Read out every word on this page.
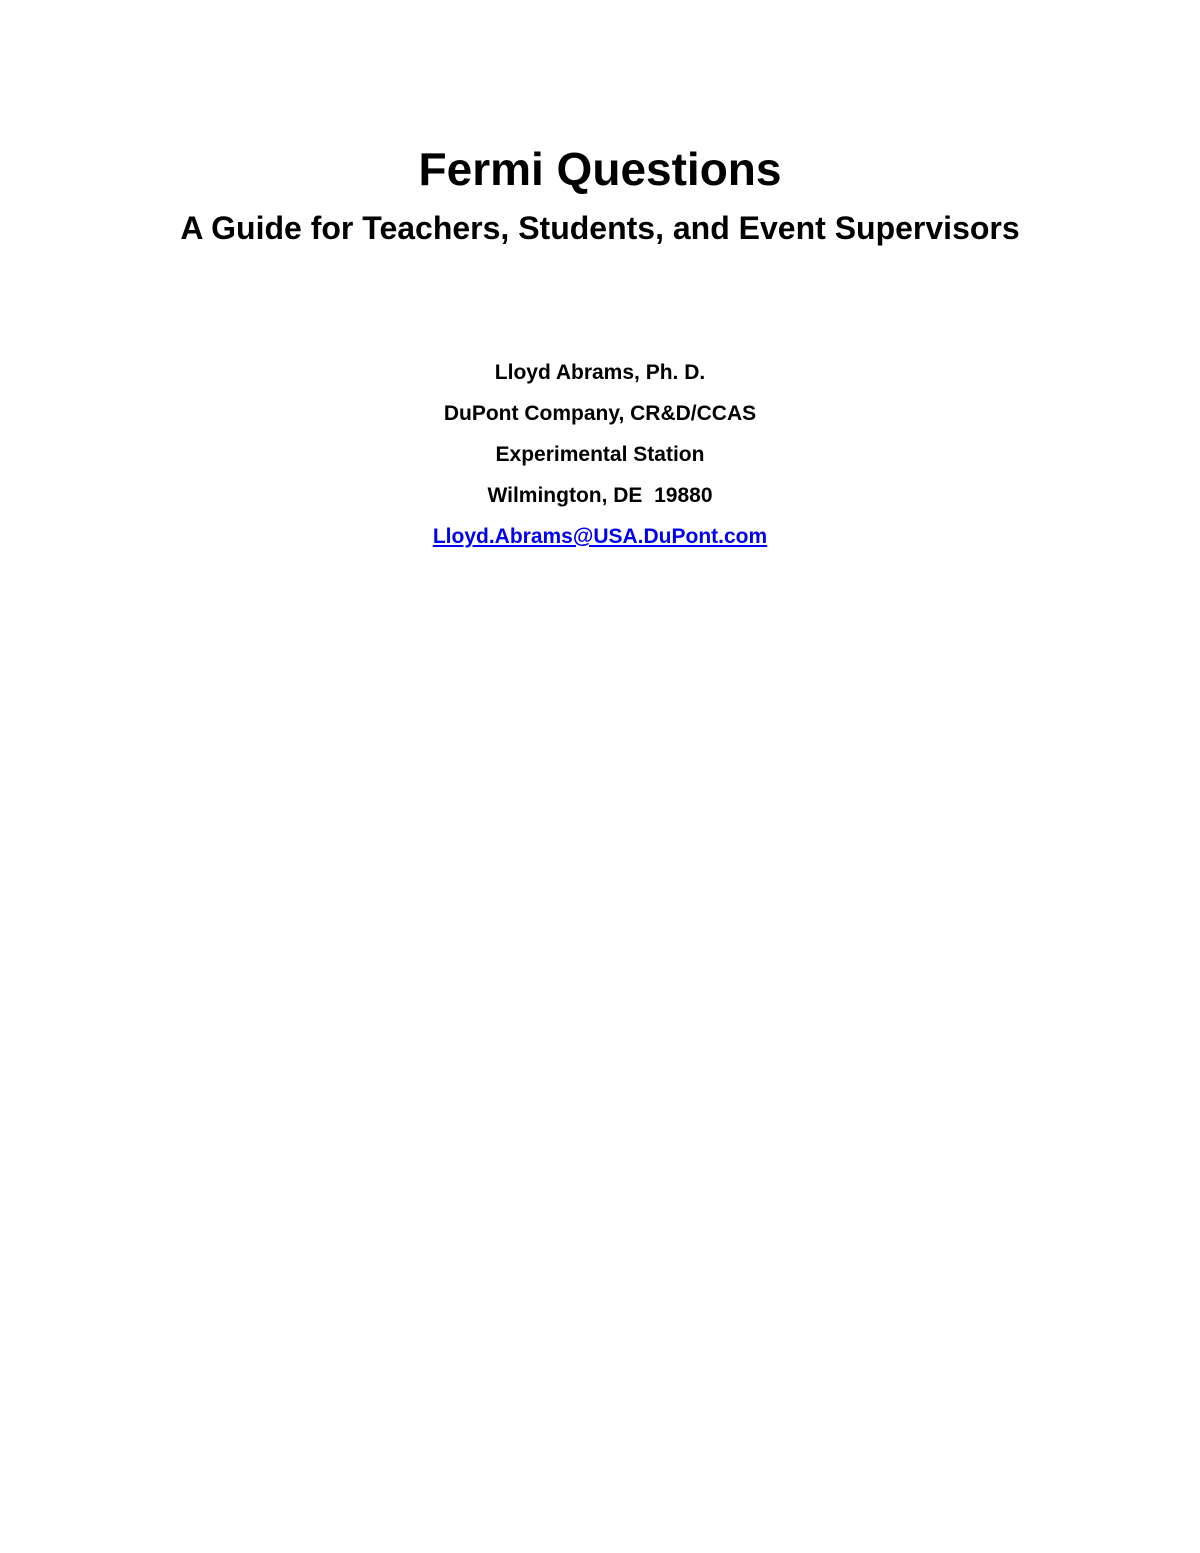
Fermi Questions
A Guide for Teachers, Students, and Event Supervisors
Lloyd Abrams, Ph. D.
DuPont Company, CR&D/CCAS
Experimental Station
Wilmington, DE  19880
Lloyd.Abrams@USA.DuPont.com
